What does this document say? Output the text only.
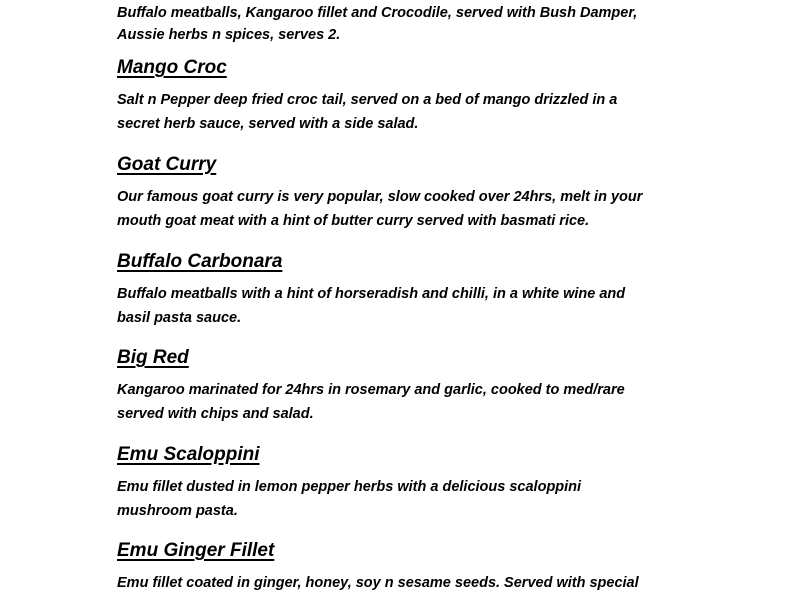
Buffalo meatballs, Kangaroo fillet and Crocodile, served with Bush Damper,
Aussie herbs n spices, serves 2.

Mango Croc

Salt n Pepper deep fried croc tail, served on a bed of mango drizzled in a
secret herb sauce, served with a side salad.

Goat Curry

Our famous goat curry is very popular, slow cooked over 24hrs, melt in your
mouth goat meat with a hint of butter curry served with basmati rice.

Buffalo Carbonara

Buffalo meatballs with a hint of horseradish and chilli, in a white wine and
basil pasta sauce.

Big Red

Kangaroo marinated for 24hrs in rosemary and garlic, cooked to med/rare
served with chips and salad.

Emu Scaloppini

Emu fillet dusted in lemon pepper herbs with a delicious scaloppini
mushroom pasta.

Emu Ginger Fillet

Emu fillet coated in ginger, honey, soy n sesame seeds. Served with special
